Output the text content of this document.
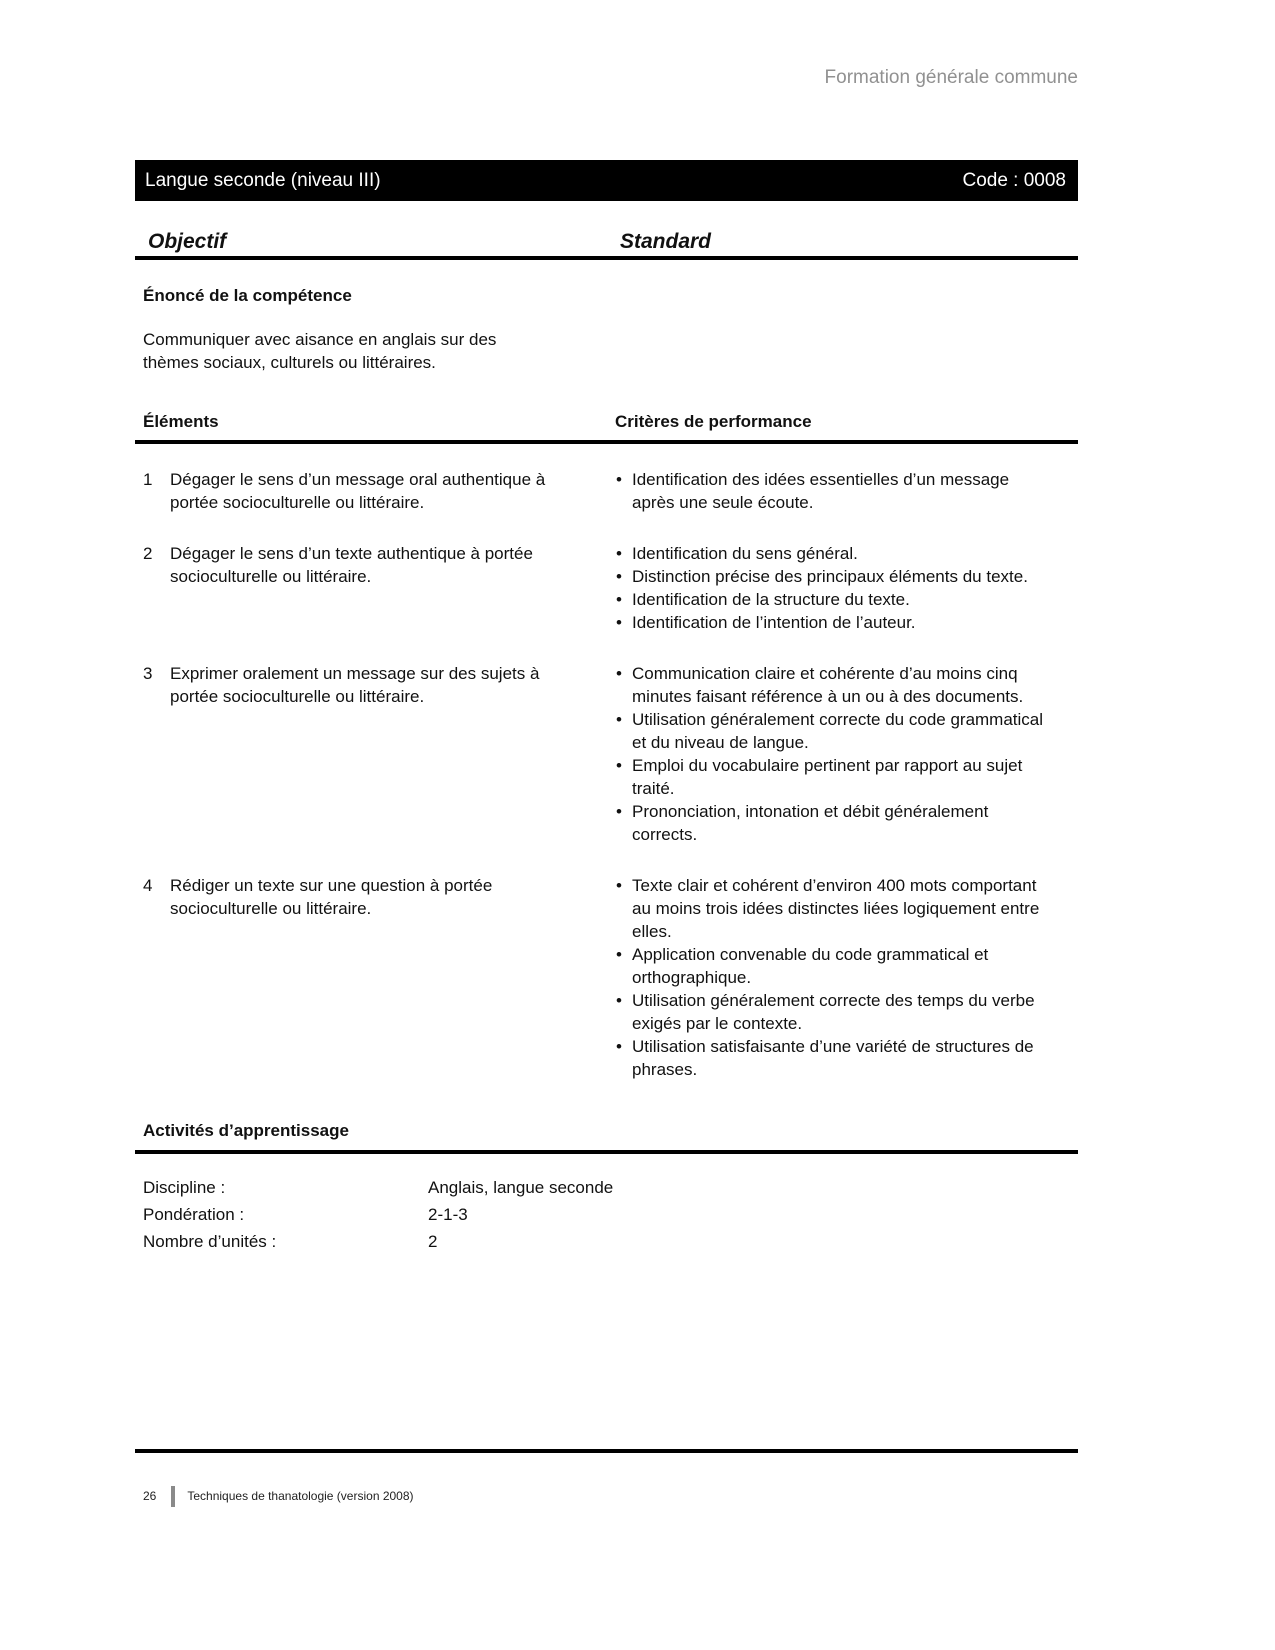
Formation générale commune
Langue seconde (niveau III)	Code : 0008
Objectif	Standard
Énoncé de la compétence
Communiquer avec aisance en anglais sur des thèmes sociaux, culturels ou littéraires.
Éléments	Critères de performance
1	Dégager le sens d’un message oral authentique à portée socioculturelle ou littéraire.
• Identification des idées essentielles d’un message après une seule écoute.
2	Dégager le sens d’un texte authentique à portée socioculturelle ou littéraire.
• Identification du sens général.
• Distinction précise des principaux éléments du texte.
• Identification de la structure du texte.
• Identification de l’intention de l’auteur.
3	Exprimer oralement un message sur des sujets à portée socioculturelle ou littéraire.
• Communication claire et cohérente d’au moins cinq minutes faisant référence à un ou à des documents.
• Utilisation généralement correcte du code grammatical et du niveau de langue.
• Emploi du vocabulaire pertinent par rapport au sujet traité.
• Prononciation, intonation et débit généralement corrects.
4	Rédiger un texte sur une question à portée socioculturelle ou littéraire.
• Texte clair et cohérent d’environ 400 mots comportant au moins trois idées distinctes liées logiquement entre elles.
• Application convenable du code grammatical et orthographique.
• Utilisation généralement correcte des temps du verbe exigés par le contexte.
• Utilisation satisfaisante d’une variété de structures de phrases.
Activités d’apprentissage
Discipline :	Anglais, langue seconde
Pondération :	2-1-3
Nombre d’unités :	2
26	Techniques de thanatologie (version 2008)
